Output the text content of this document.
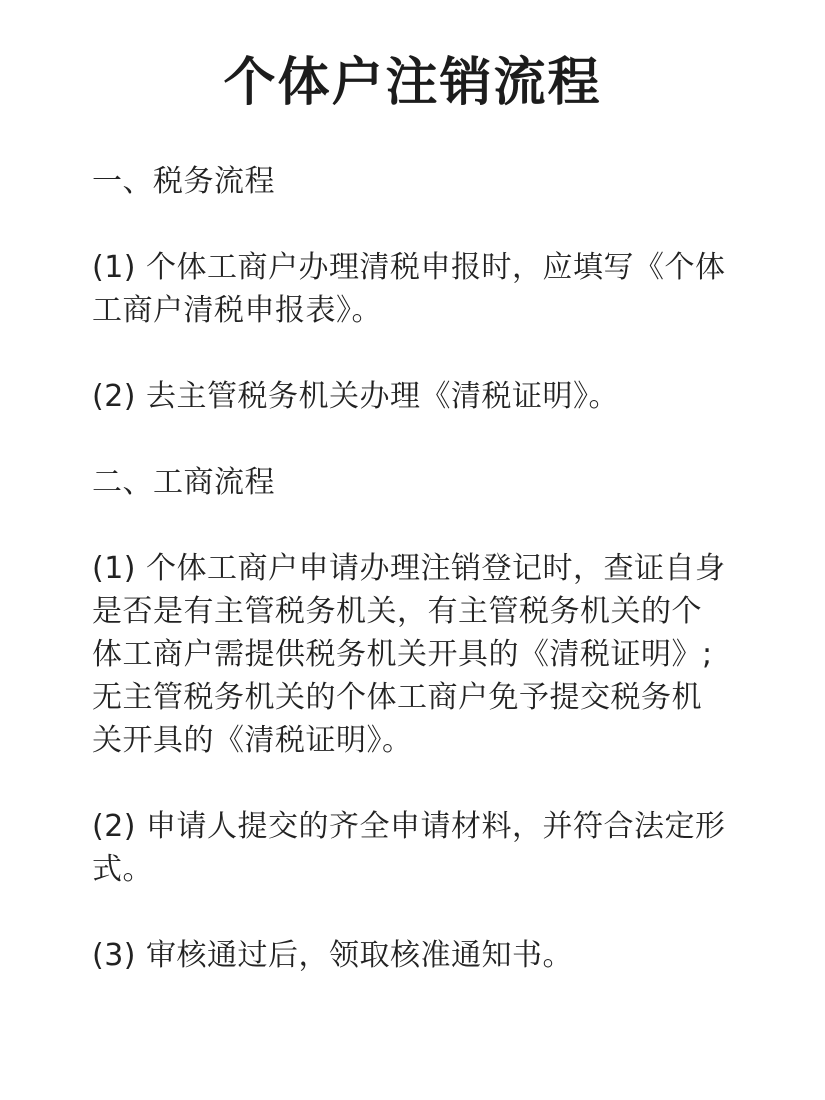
个体户注销流程
一、税务流程
(1) 个体工商户办理清税申报时，应填写《个体
工商户清税申报表》。
(2) 去主管税务机关办理《清税证明》。
二、工商流程
(1) 个体工商户申请办理注销登记时，查证自身
是否是有主管税务机关，有主管税务机关的个
体工商户需提供税务机关开具的《清税证明》;
无主管税务机关的个体工商户免予提交税务机
关开具的《清税证明》。
(2) 申请人提交的齐全申请材料，并符合法定形
式。
(3) 审核通过后，领取核准通知书。
